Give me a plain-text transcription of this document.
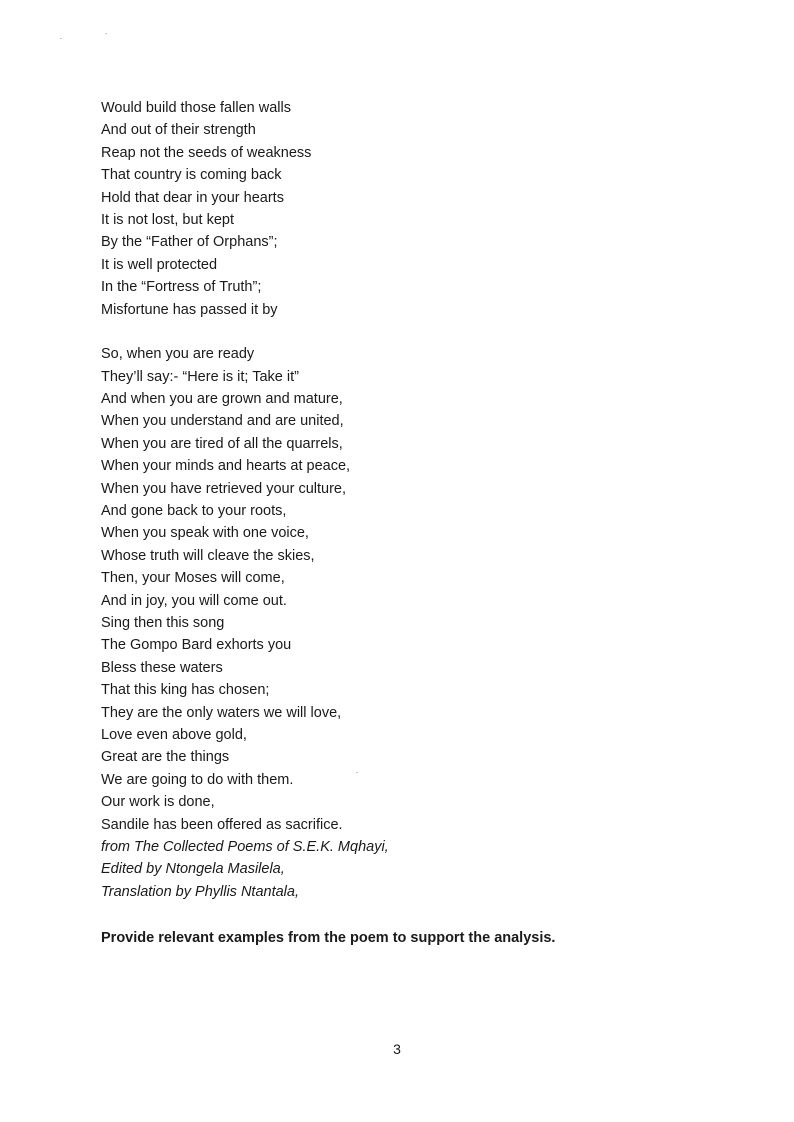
Would build those fallen walls
And out of their strength
Reap not the seeds of weakness
That country is coming back
Hold that dear in your hearts
It is not lost, but kept
By the “Father of Orphans”;
It is well protected
In the “Fortress of Truth”;
Misfortune has passed it by
So, when you are ready
They’ll say:- “Here is it; Take it”
And when you are grown and mature,
When you understand and are united,
When you are tired of all the quarrels,
When your minds and hearts at peace,
When you have retrieved your culture,
And gone back to your roots,
When you speak with one voice,
Whose truth will cleave the skies,
Then, your Moses will come,
And in joy, you will come out.
Sing then this song
The Gompo Bard exhorts you
Bless these waters
That this king has chosen;
They are the only waters we will love,
Love even above gold,
Great are the things
We are going to do with them.
Our work is done,
Sandile has been offered as sacrifice.
from The Collected Poems of S.E.K. Mqhayi,
Edited by Ntongela Masilela,
Translation by Phyllis Ntantala,
Provide relevant examples from the poem to support the analysis.
3
